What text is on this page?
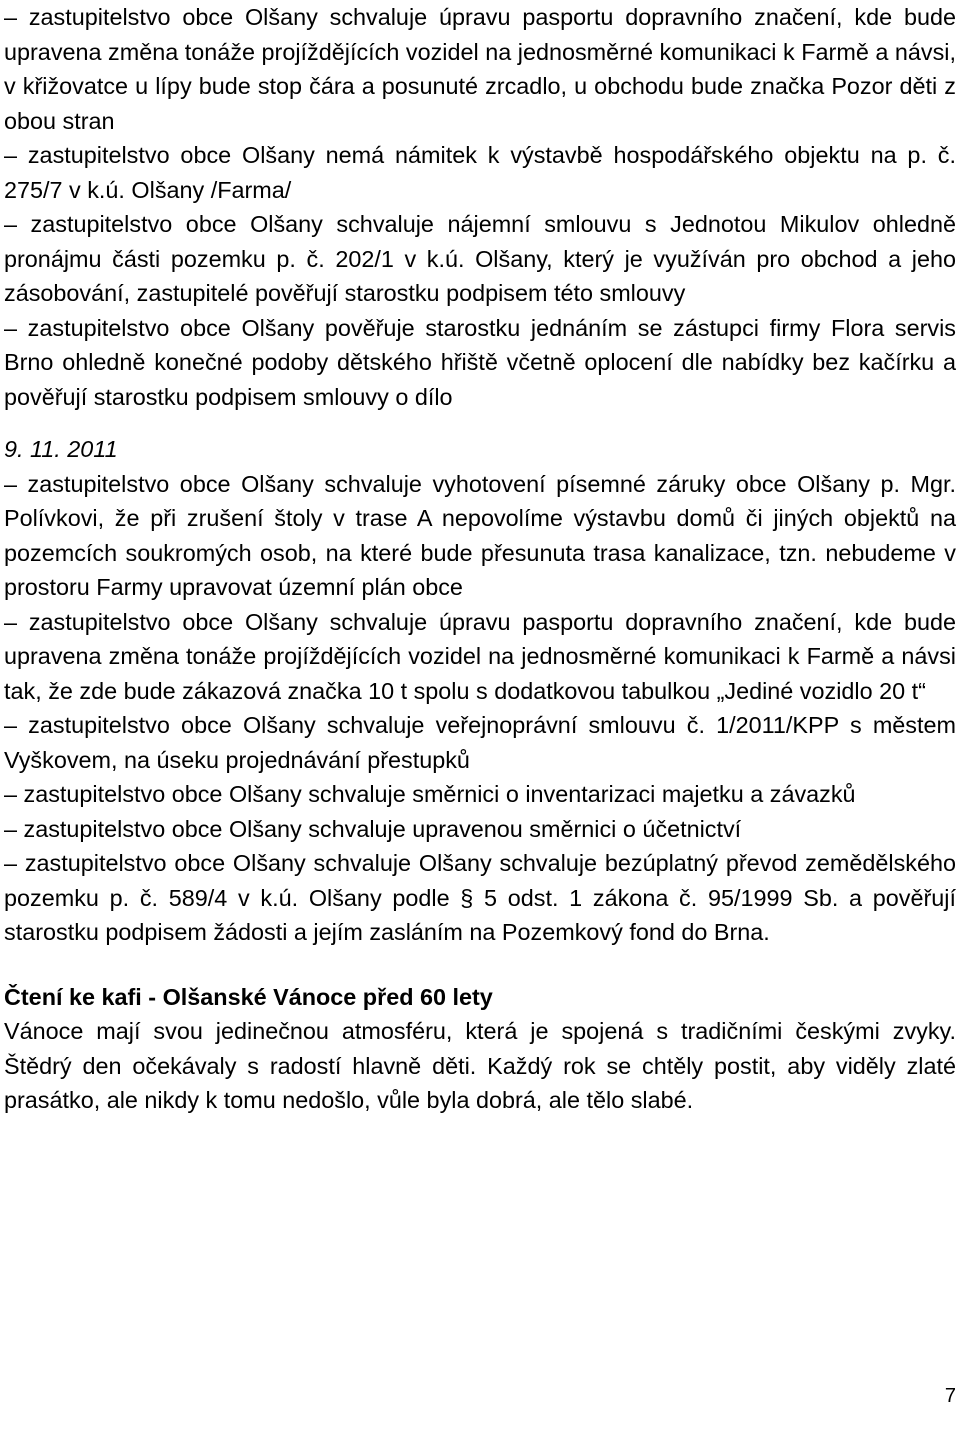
– zastupitelstvo obce Olšany schvaluje úpravu pasportu dopravního značení, kde bude upravena změna tonáže projíždějících vozidel na jednosměrné komunikaci k Farmě a návsi, v křižovatce u lípy bude stop čára a posunuté zrcadlo, u obchodu bude značka Pozor děti z obou stran

– zastupitelstvo obce Olšany nemá námitek k výstavbě hospodářského objektu na p. č. 275/7 v k.ú. Olšany /Farma/

– zastupitelstvo obce Olšany schvaluje nájemní smlouvu s Jednotou Mikulov ohledně pronájmu části pozemku p. č. 202/1 v k.ú. Olšany, který je využíván pro obchod a jeho zásobování, zastupitelé pověřují starostku podpisem této smlouvy

– zastupitelstvo obce Olšany pověřuje starostku jednáním se zástupci firmy Flora servis Brno ohledně konečné podoby dětského hřiště včetně oplocení dle nabídky bez kačírku a pověřují starostku podpisem smlouvy o dílo

9. 11. 2011

– zastupitelstvo obce Olšany schvaluje vyhotovení písemné záruky obce Olšany p. Mgr. Polívkovi, že při zrušení štoly v trase A nepovolíme výstavbu domů či jiných objektů na pozemcích soukromých osob, na které bude přesunuta trasa kanalizace, tzn. nebudeme v prostoru Farmy upravovat územní plán obce

– zastupitelstvo obce Olšany schvaluje úpravu pasportu dopravního značení, kde bude upravena změna tonáže projíždějících vozidel na jednosměrné komunikaci k Farmě a návsi tak, že zde bude zákazová značka 10 t spolu s dodatkovou tabulkou „Jediné vozidlo 20 t“

– zastupitelstvo obce Olšany schvaluje veřejnoprávní smlouvu č. 1/2011/KPP s městem Vyškovem, na úseku projednávání přestupků

– zastupitelstvo obce Olšany schvaluje směrnici o inventarizaci majetku a závazků

– zastupitelstvo obce Olšany schvaluje upravenou směrnici o účetnictví

– zastupitelstvo obce Olšany schvaluje Olšany schvaluje bezúplatný převod zemědělského pozemku p. č. 589/4 v k.ú. Olšany podle § 5 odst. 1 zákona č. 95/1999 Sb. a pověřují starostku podpisem žádosti a jejím zasláním na Pozemkový fond do Brna.

Čtení ke kafi - Olšanské Vánoce před 60 lety

Vánoce mají svou jedinečnou atmosféru, která je spojená s tradičními českými zvyky. Štědrý den očekávaly s radostí hlavně děti. Každý rok se chtěly postit, aby viděly zlaté prasátko, ale nikdy k tomu nedošlo, vůle byla dobrá, ale tělo slabé.

7
